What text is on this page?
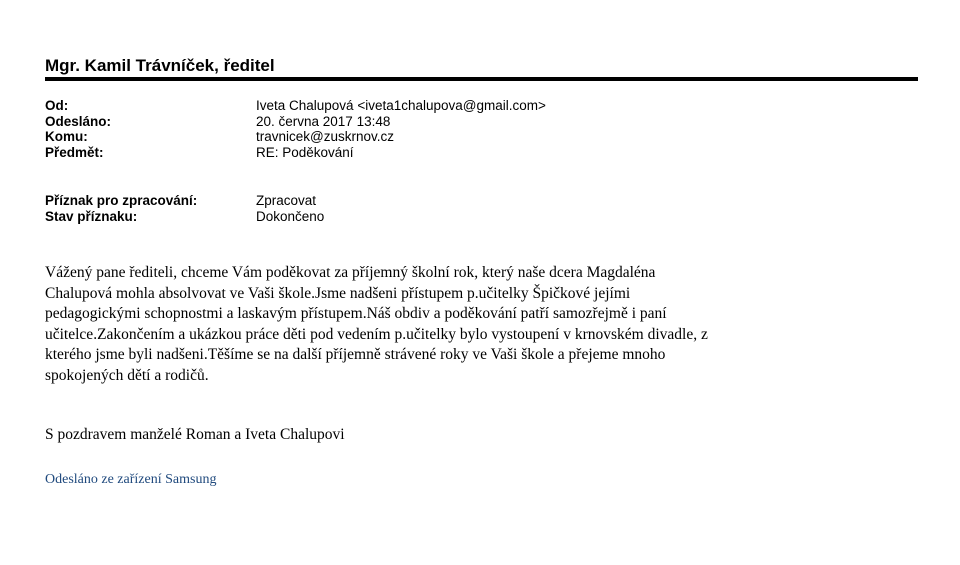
Mgr. Kamil Trávníček, ředitel
Od:	Iveta Chalupová <iveta1chalupova@gmail.com>
Odesláno:	20. června 2017 13:48
Komu:	travnicek@zuskrnov.cz
Předmět:	RE: Poděkování
Příznak pro zpracování:	Zpracovat
Stav příznaku:	Dokončeno
Vážený pane řediteli, chceme Vám poděkovat za příjemný školní rok, který naše dcera Magdaléna
Chalupová mohla absolvovat ve Vaši škole.Jsme nadšeni přístupem p.učitelky Špičkové jejími
pedagogickými schopnostmi a laskavým přístupem.Náš obdiv a poděkování patří samozřejmě i paní
učitelce.Zakončením a ukázkou práce děti pod vedením p.učitelky bylo vystoupení v krnovském divadle, z
kterého jsme byli nadšeni.Těšíme se na další příjemně strávené roky ve Vaši škole a přejeme mnoho
spokojených dětí a rodičů.

S pozdravem manželé Roman a Iveta Chalupovi

Odesláno ze zařízení Samsung
